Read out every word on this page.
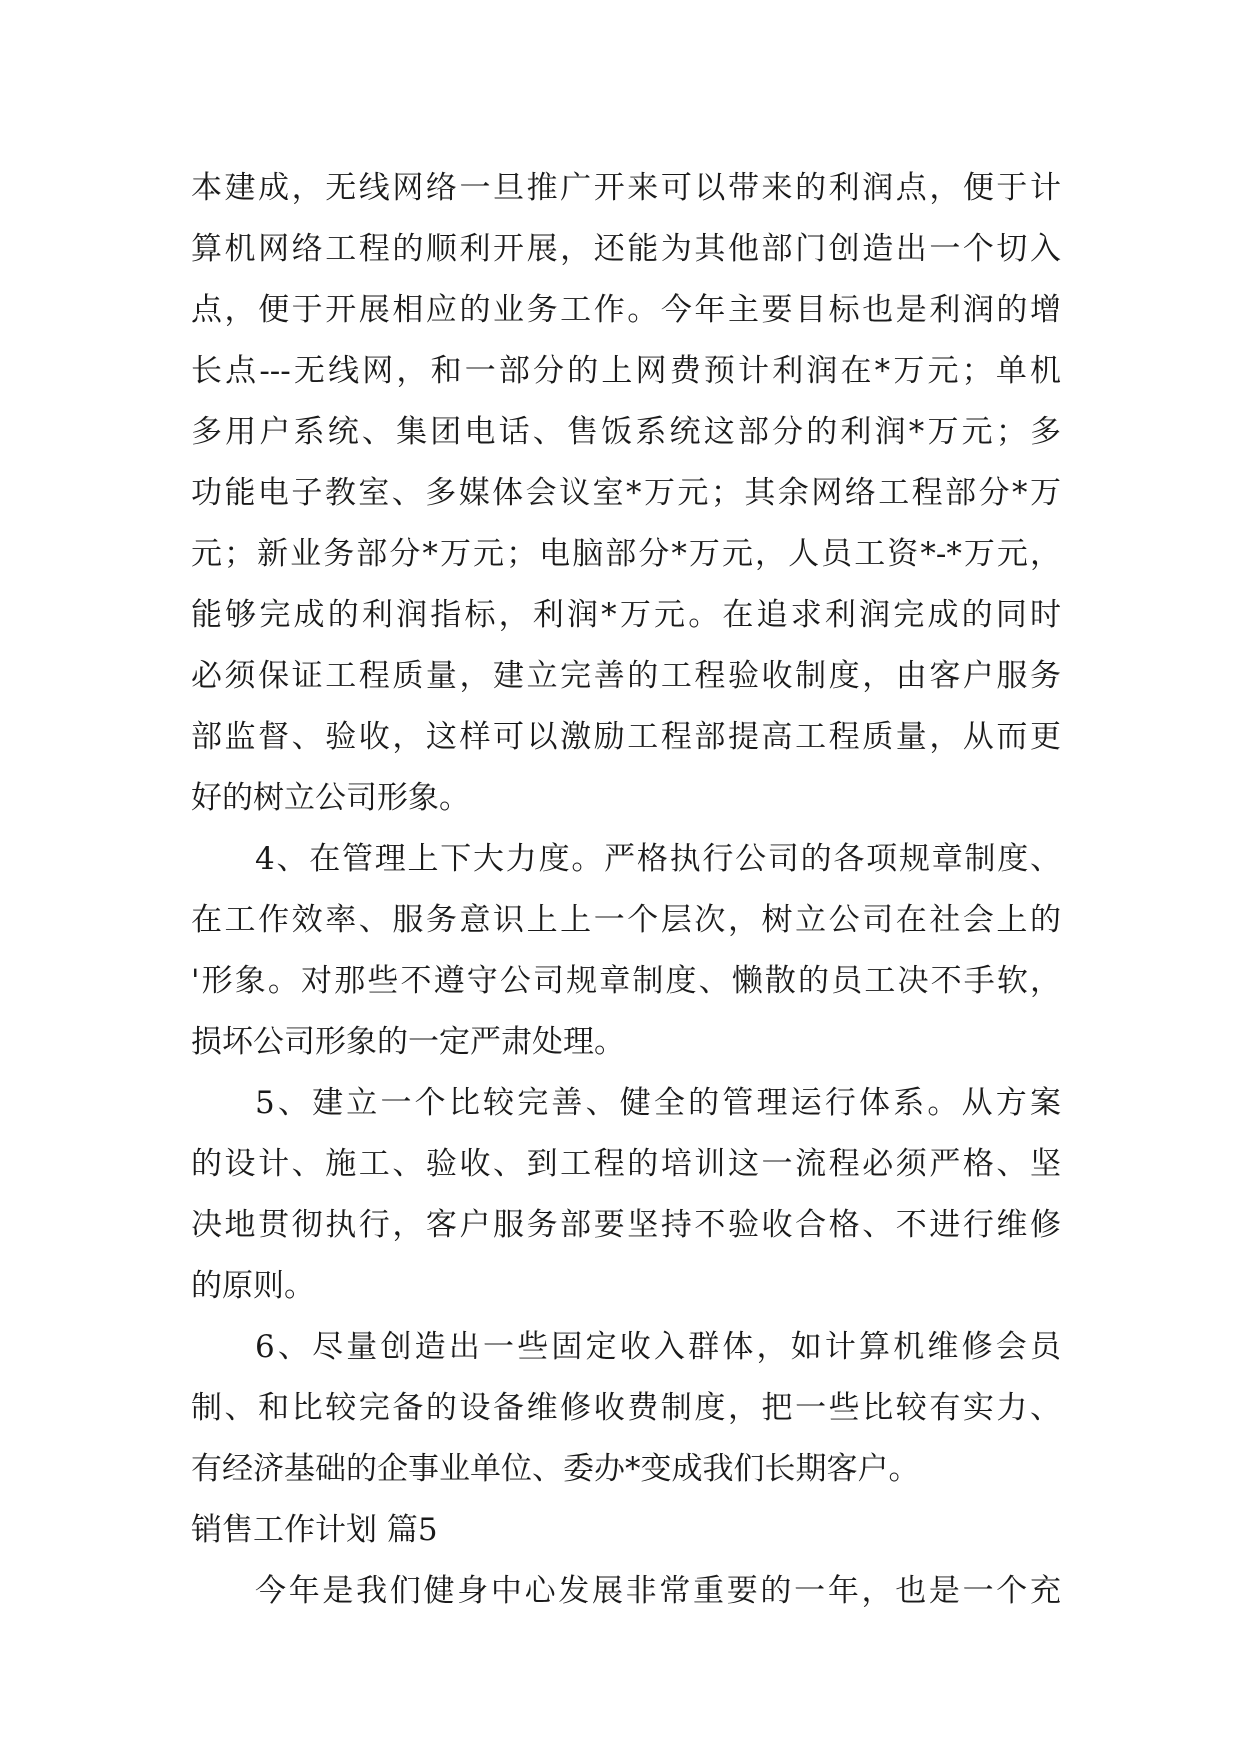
本建成，无线网络一旦推广开来可以带来的利润点，便于计
算机网络工程的顺利开展，还能为其他部门创造出一个切入
点，便于开展相应的业务工作。今年主要目标也是利润的增
长点---无线网，和一部分的上网费预计利润在*万元；单机
多用户系统、集团电话、售饭系统这部分的利润*万元；多
功能电子教室、多媒体会议室*万元；其余网络工程部分*万
元；新业务部分*万元；电脑部分*万元，人员工资*-*万元，
能够完成的利润指标，利润*万元。在追求利润完成的同时
必须保证工程质量，建立完善的工程验收制度，由客户服务
部监督、验收，这样可以激励工程部提高工程质量，从而更
好的树立公司形象。
4、在管理上下大力度。严格执行公司的各项规章制度、
在工作效率、服务意识上上一个层次，树立公司在社会上的
'形象。对那些不遵守公司规章制度、懒散的员工决不手软，
损坏公司形象的一定严肃处理。
5、建立一个比较完善、健全的管理运行体系。从方案
的设计、施工、验收、到工程的培训这一流程必须严格、坚
决地贯彻执行，客户服务部要坚持不验收合格、不进行维修
的原则。
6、尽量创造出一些固定收入群体，如计算机维修会员
制、和比较完备的设备维修收费制度，把一些比较有实力、
有经济基础的企事业单位、委办*变成我们长期客户。
销售工作计划 篇5
今年是我们健身中心发展非常重要的一年，也是一个充
